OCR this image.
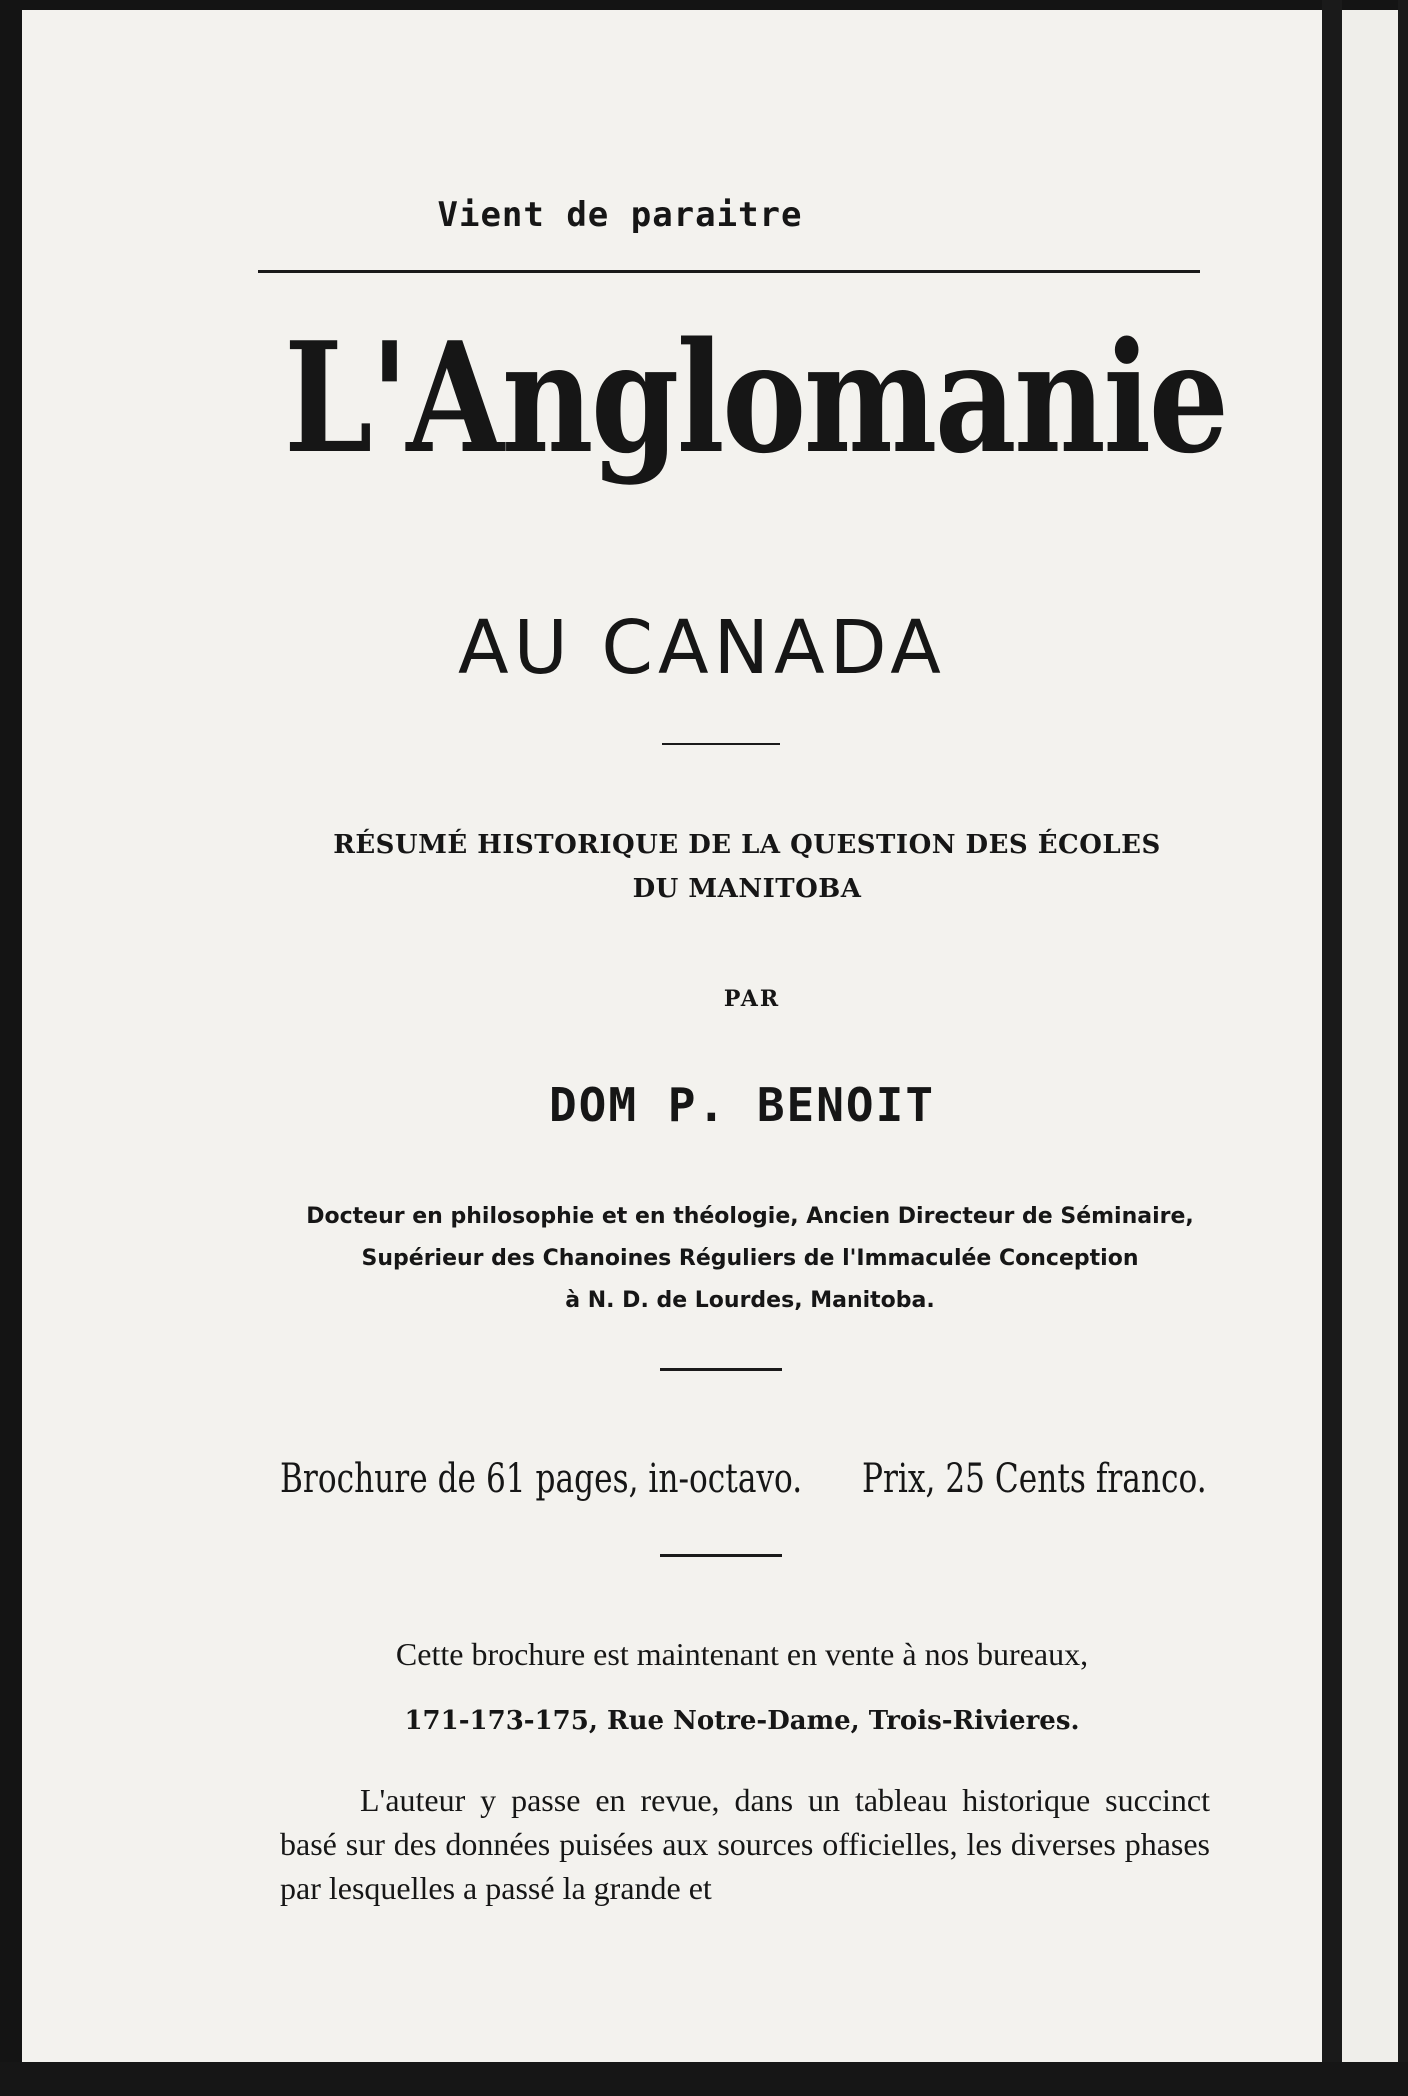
Vient de paraitre

L'Anglomanie
AU CANADA
RÉSUMÉ HISTORIQUE DE LA QUESTION DES ÉCOLES
DU MANITOBA

PAR

DOM P. BENOIT

Docteur en philosophie et en théologie, Ancien Directeur de Séminaire,
Supérieur des Chanoines Réguliers de l'Immaculée Conception
à N. D. de Lourdes, Manitoba.

Brochure de 61 pages, in-octavo. Prix, 25 Cents franco.

Cette brochure est maintenant en vente à nos bureaux,

171-173-175, Rue Notre-Dame, Trois-Rivieres.

L'auteur y passe en revue, dans un tableau historique succinct basé sur des données puisées aux sources officielles, les diverses phases par lesquelles a passé la grande et
